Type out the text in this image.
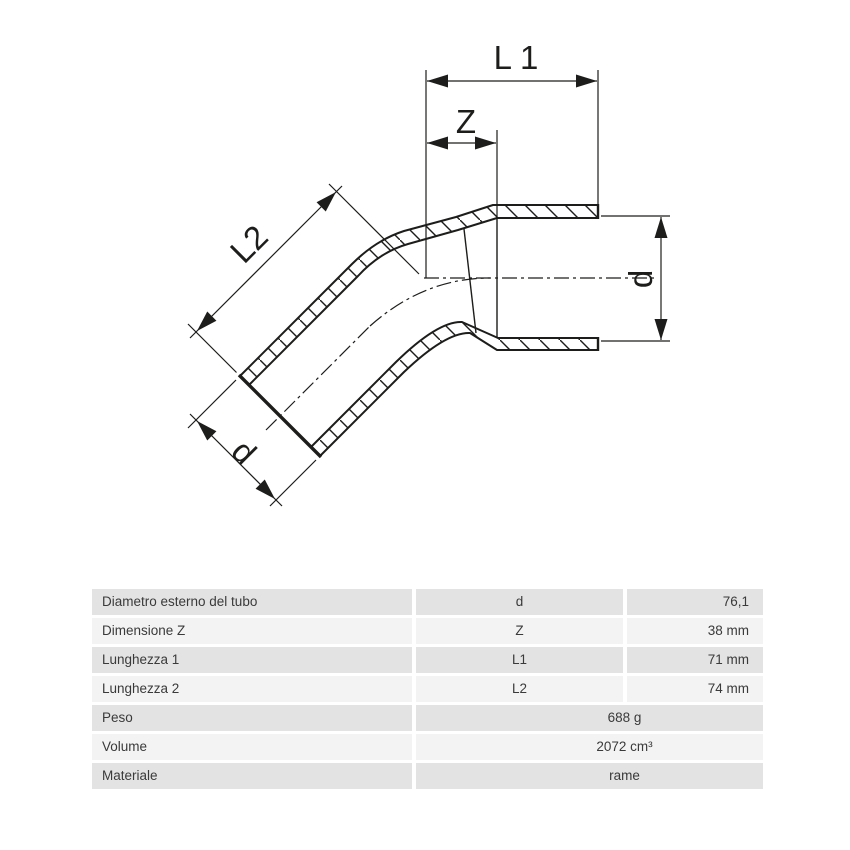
L 1
Z
d
L2
d
Diametro esterno del tubo	d	76,1
Dimensione Z	Z	38 mm
Lunghezza 1	L1	71 mm
Lunghezza 2	L2	74 mm
Peso	688 g
Volume	2072 cm³
Materiale	rame
